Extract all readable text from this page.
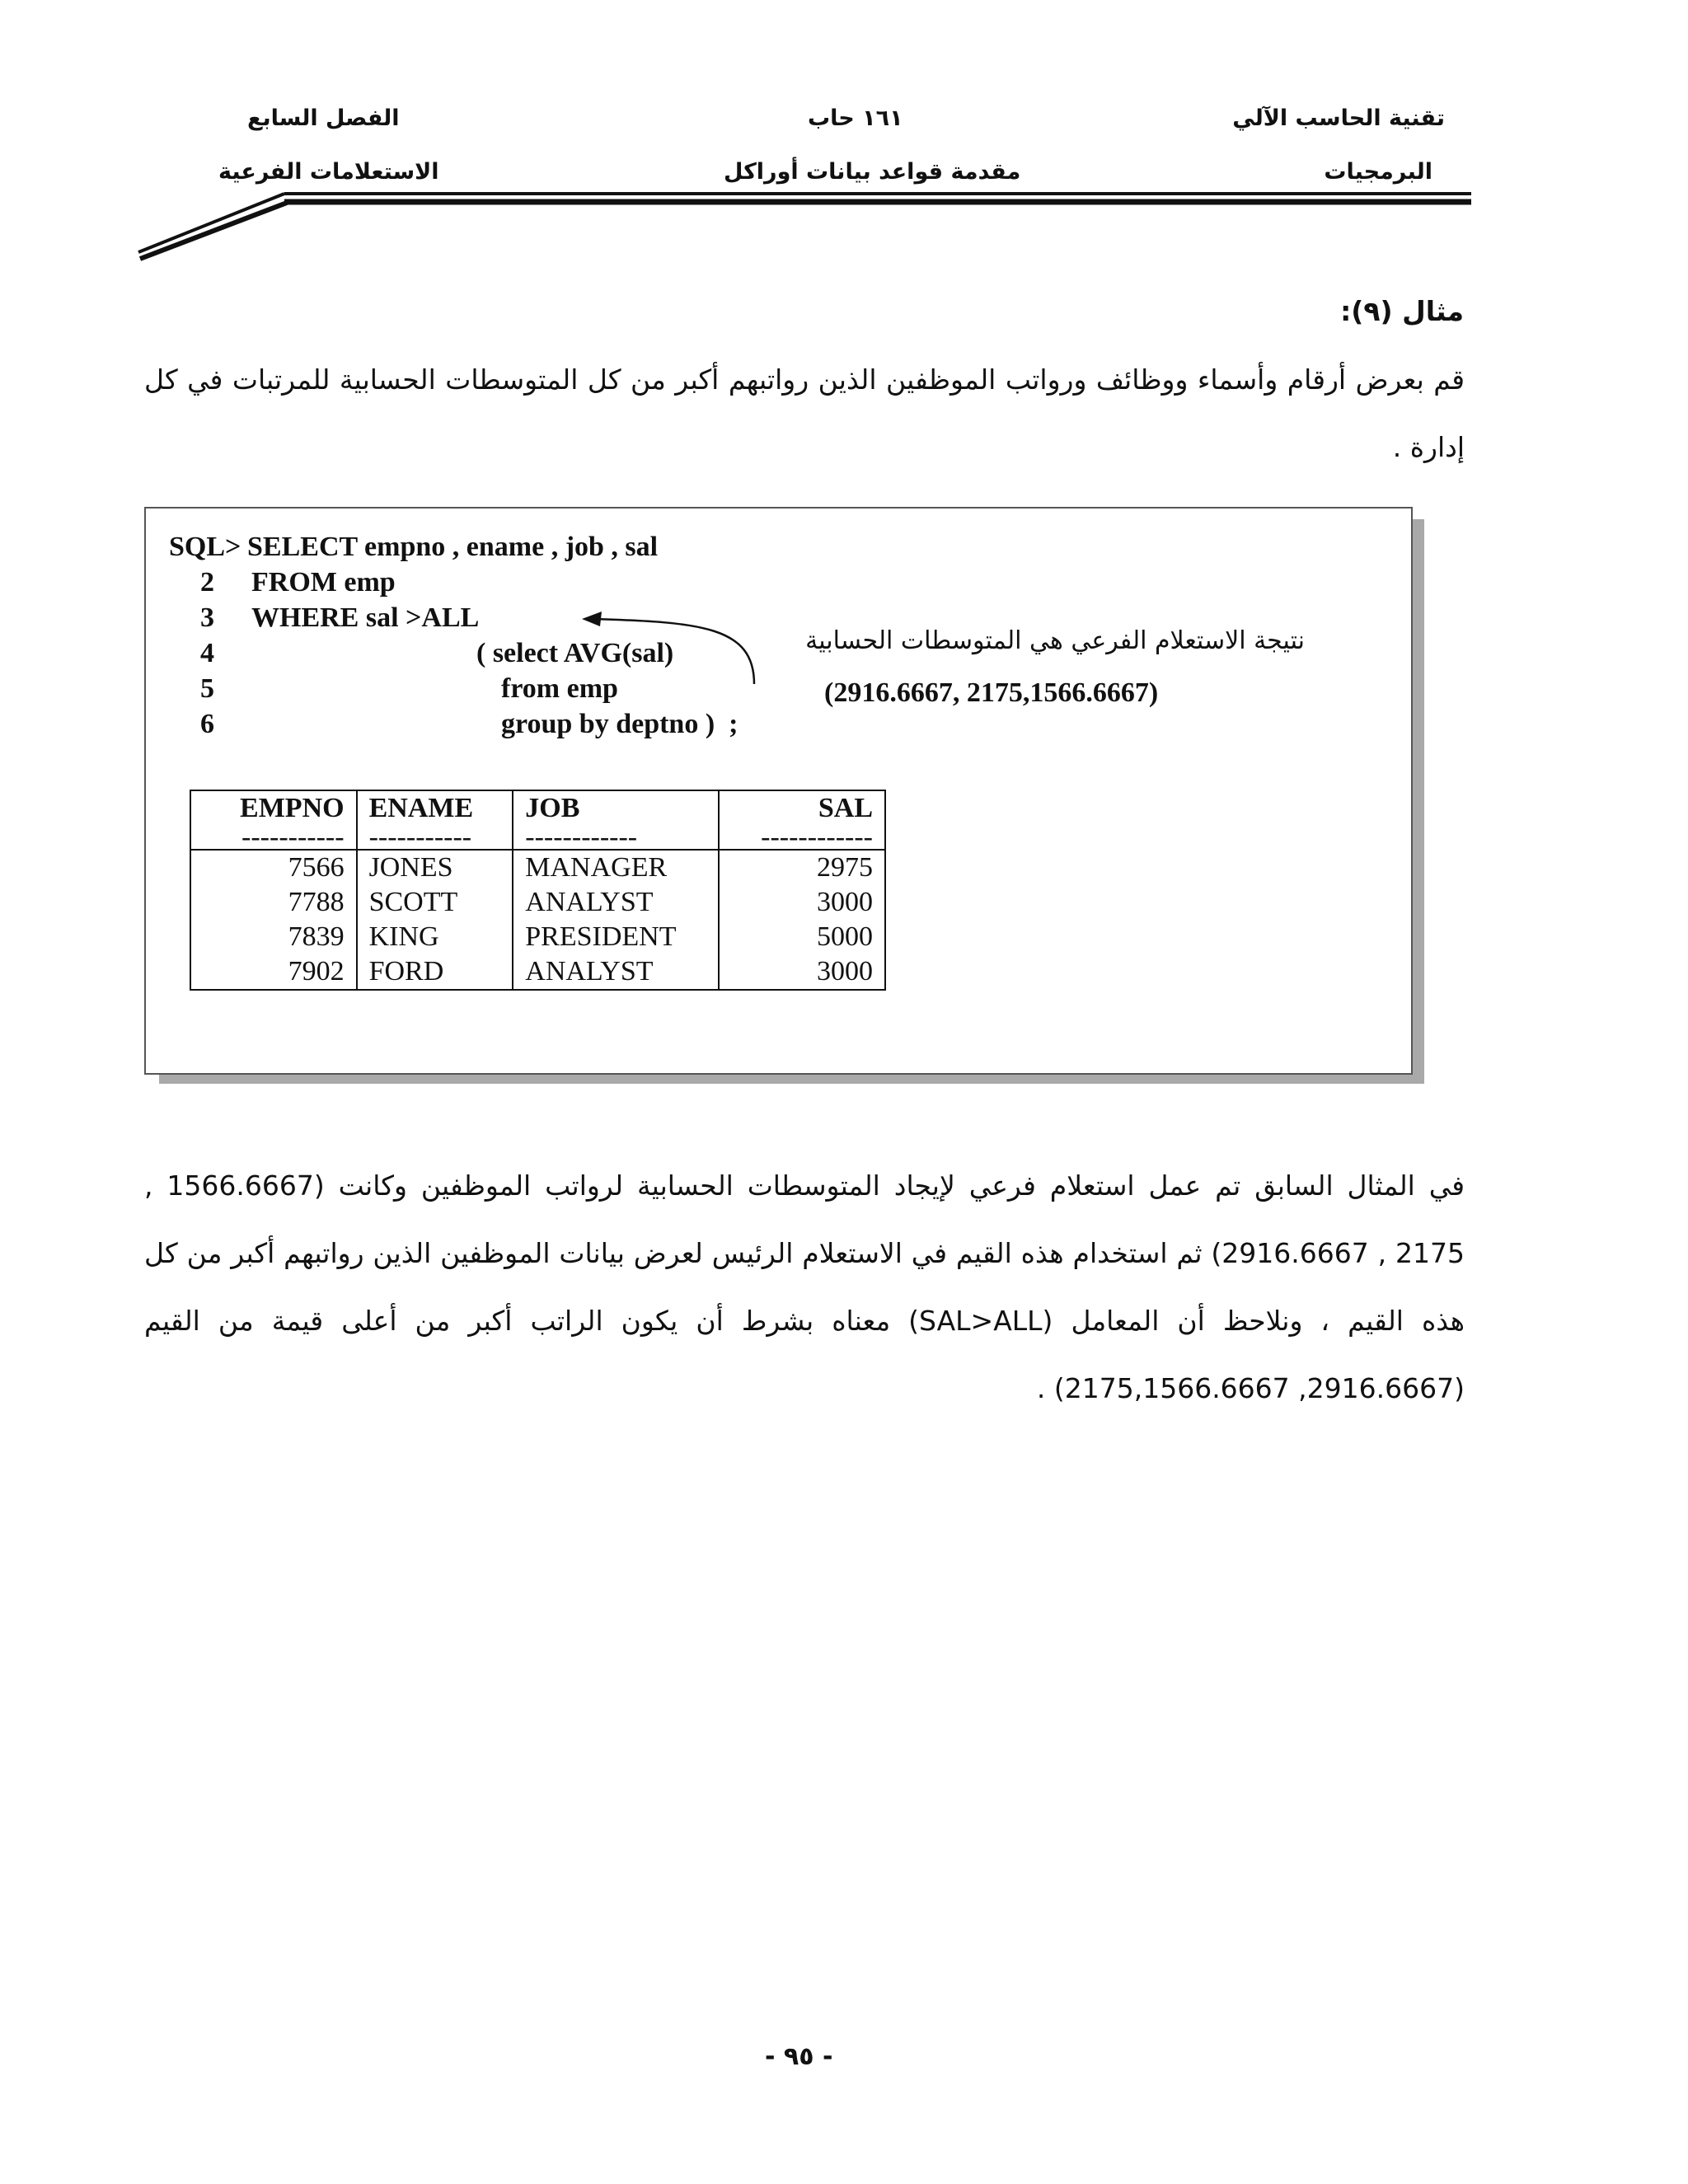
تقنية الحاسب الآلي
البرمجيات
١٦١ حاب
مقدمة قواعد بيانات أوراكل
الفصل السابع
الاستعلامات الفرعية
مثال (٩):
قم بعرض أرقام وأسماء ووظائف ورواتب الموظفين الذين رواتبهم أكبر من كل المتوسطات الحسابية للمرتبات في كل إدارة .
SQL> SELECT empno , ename , job , sal
2 FROM emp
3 WHERE sal >ALL
4	( select AVG(sal)
5	from emp
6	group by deptno )  ;
نتيجة الاستعلام الفرعي هي المتوسطات الحسابية
(2916.6667, 2175,1566.6667)
EMPNO	ENAME	JOB	SAL
-----------	-----------	------------	------------
7566	JONES	MANAGER	2975
7788	SCOTT	ANALYST	3000
7839	KING	PRESIDENT	5000
7902	FORD	ANALYST	3000
في المثال السابق تم عمل استعلام فرعي لإيجاد المتوسطات الحسابية لرواتب الموظفين وكانت (1566.6667 , 2175 , 2916.6667) ثم استخدام هذه القيم في الاستعلام الرئيس لعرض بيانات الموظفين الذين رواتبهم أكبر من كل هذه القيم ، ونلاحظ أن المعامل (SAL>ALL) معناه بشرط أن يكون الراتب أكبر من أعلى قيمة من القيم (2916.6667, 2175,1566.6667) .
- ٩٥ -
